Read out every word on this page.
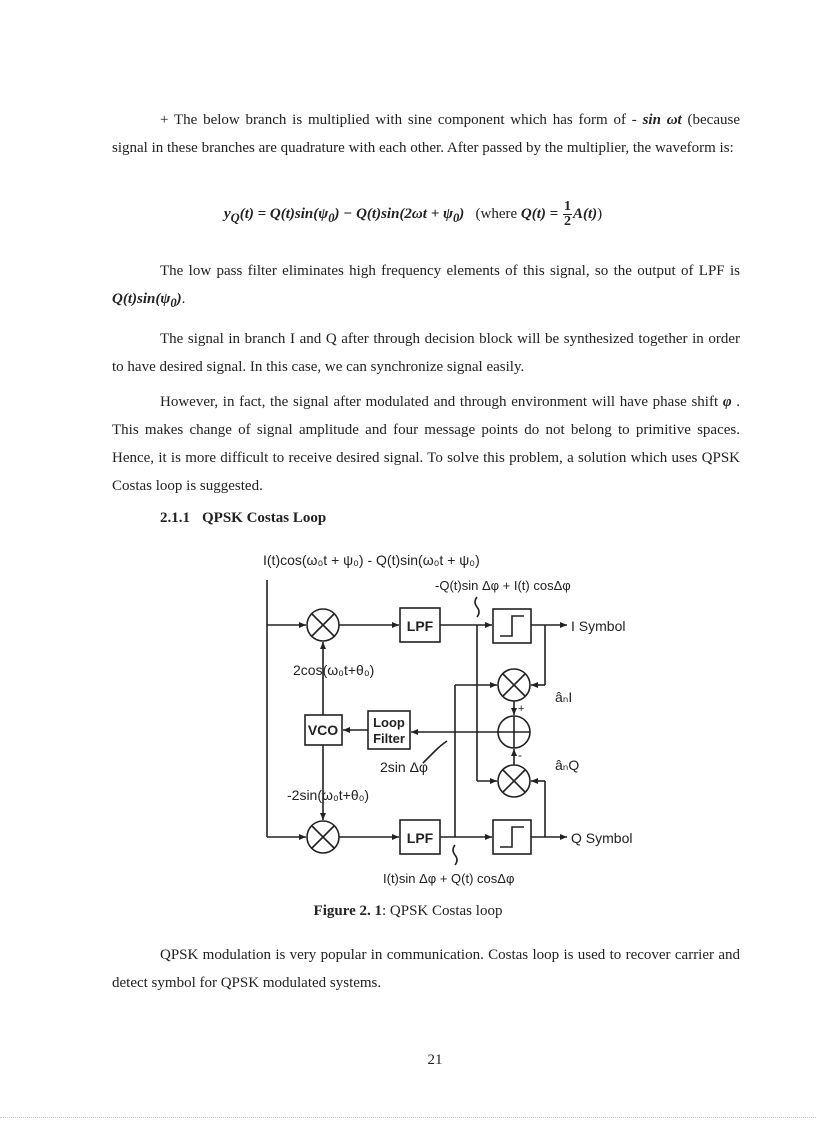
+ The below branch is multiplied with sine component which has form of - sin ωt (because signal in these branches are quadrature with each other. After passed by the multiplier, the waveform is:

$y_Q(t) = Q(t)\sin(\psi_0) - Q(t)\sin(2\omega t + \psi_0)$ (where $Q(t) = \frac{1}{2} A(t)$)

The low pass filter eliminates high frequency elements of this signal, so the output of LPF is $Q(t)\sin(\psi_0)$.

The signal in branch I and Q after through decision block will be synthesized together in order to have desired signal. In this case, we can synchronize signal easily.

However, in fact, the signal after modulated and through environment will have phase shift φ . This makes change of signal amplitude and four message points do not belong to primitive spaces. Hence, it is more difficult to receive desired signal. To solve this problem, a solution which uses QPSK Costas loop is suggested.

2.1.1 QPSK Costas Loop
I(t)cos(ω₀t + ψ₀) - Q(t)sin(ω₀t + ψ₀)
-Q(t)sin Δφ + I(t) cosΔφ
LPF
LPF
I Symbol
Q Symbol
2cos(ω₀t+θ₀)
-2sin(ω₀t+θ₀)
VCO	Loop
Filter
2sin Δφ
âₙI
âₙQ
+
-
I(t)sin Δφ + Q(t) cosΔφ
Figure 2. 1: QPSK Costas loop

QPSK modulation is very popular in communication. Costas loop is used to recover carrier and detect symbol for QPSK modulated systems.

21
